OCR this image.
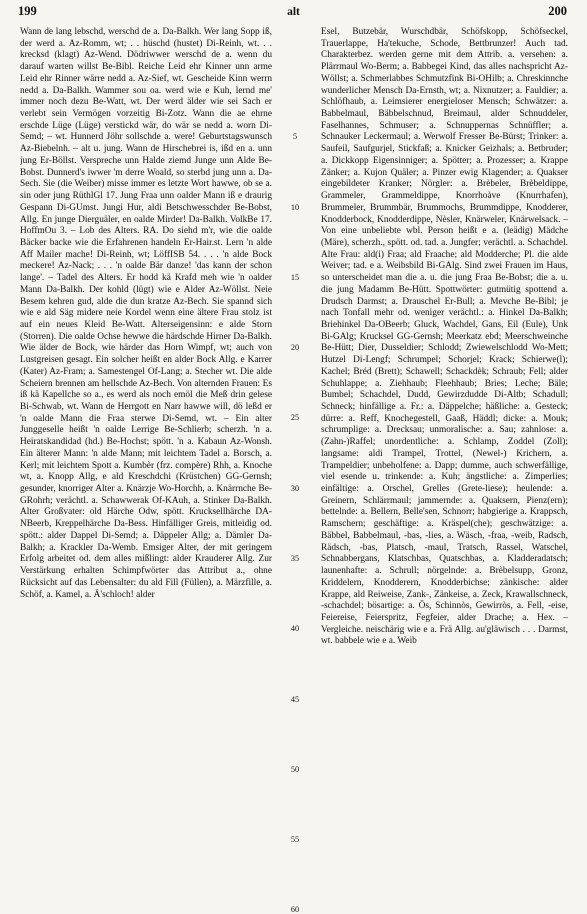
199	alt	200

Wann de lang lebschd, werschd de a. Da-Balkh. Wer lang Sopp iß, der werd a. Az-Romm, wt; . . hüschd (hustet) Di-Reinh, wt. . . krecksd (klagt) Az-Wend. Dödriwwer werschd de a. wenn du darauf warten willst Be-Bibl. Reiche Leid ehr Kinner unn arme Leid ehr Rinner wärre nedd a. Az-Sief, wt. Gescheide Kinn werrn nedd a. Da-Balkh. Wammer sou oa. werd wie e Kuh, lernd me' immer noch dezu Be-Watt, wt. Der werd älder wie sei Sach er verlebt sein Vermögen vorzeitig Bi-Zotz. Wann die ae ehrne erschde Lüge (Lüge) verstickd wär, do wär se nedd a. worn Di-Semd; – wt. Hunnerd Jöhr sollschde a. were! Geburtstagswunsch Az-Biebelnh. – alt u. jung. Wann de Hirschebrei is, ißd en a. unn jung Er-Böllst. Verspreche unn Halde ziemd Junge unn Alde Be-Bobst. Dunnerd's iwwer 'm derre Woald, so sterbd jung unn a. Da-Sech. Sie (die Weiber) misse immer es letzte Wort hawwe, ob se a. sin oder jung RüthlGl 17. Jung Fraa unn oalder Mann iß e draurig Gespann Di-GUmst. Jungi Hur, aldi Betschwesschder Be-Bobst, Allg. En junge Dierguäler, en oalde Mirder! Da-Balkh. VolkBe 17. HoffmOu 3. – Lob des Alters. RA. Do siehd m'r, wie die oalde Bäcker backe wie die Erfahrenen handeln Er-Hair.st. Lern 'n alde Aff Mailer mache! Di-Reinh, wt; LöffISB 54. . . . 'n alde Bock meckere! Az-Nack; . . . 'n oalde Bär danze! 'das kann der schon lange'. – Tadel des Alters. Er hodd kä Krafd meh wie 'n oalder Mann Da-Balkh. Der kohld (lügt) wie e Alder Az-Wöllst. Neie Besem kehren gud, alde die dun kratze Az-Bech. Sie spannd sich wie e ald Säg midere neie Kordel wenn eine ältere Frau stolz ist auf ein neues Kleid Be-Watt. Alterseigensinn: e alde Storn (Storren). Die oalde Ochse hewwe die härdschde Hirner Da-Balkh. Wie älder de Bock, wie härder das Horn Wimpf, wt; auch von Lustgreisen gesagt. Ein solcher heißt en alder Bock Allg. e Karrer (Kater) Az-Fram; a. Samestengel Of-Lang; a. Stecher wt. Die alde Scheiern brennen am hellschde Az-Bech. Von alternden Frauen: Es iß kä Kapellche so a., es werd als noch emöl die Meß drin gelese Bi-Schwab, wt. Wann de Herrgott en Narr hawwe will, dö leßd er 'n oalde Mann die Fraa sterwe Di-Semd, wt. – Ein alter Junggeselle heißt 'n oalde Lerrige Be-Schlierb; scherzh. 'n a. Heiratskandidad (hd.) Be-Hochst; spött. 'n a. Kabaun Az-Wonsh. Ein älterer Mann: 'n alde Mann; mit leichtem Tadel a. Borsch, a. Kerl; mit leichtem Spott a. Kumbèr (frz. compère) Rhh, a. Knoche wt, a. Knopp Allg, e ald Kreschdchi (Krüstchen) GG-Gernsh; gesunder, knorriger Alter a. Knärzje Wo-Horchh, a. Knärrnche Be-GRohrh; verächtl. a. Schawwerak Of-KAuh, a. Stinker Da-Balkh. Alter Großvater: old Härche Odw, spött. Krucksellhärche DA-NBeerb, Kreppelhärche Da-Bess. Hinfälliger Greis, mitleidig od. spött.: alder Dappel Di-Semd; a. Däppeler Allg; a. Dämler Da-Balkh; a. Krackler Da-Wemb. Emsiger Alter, der mit geringem Erfolg arbeitet od. dem alles mißlingt: alder Krauderer Allg. Zur Verstärkung erhalten Schimpfwörter das Attribut a., ohne Rücksicht auf das Lebensalter: du ald Fill (Füllen), a. Märzfille, a. Schöf, a. Kamel, a. Ä'schloch! alder

5
10
15
20
25
30
35
40
45
50
55
60

Esel, Butzebär, Wurschdbär, Schöfskopp, Schöfseckel, Trauerlappe, Ha'tekuche, Schode, Bettbrunzer! Auch tad. Charakterbez. werden gerne mit dem Attrib. a. versehen: a. Plärrmaul Wo-Berm; a. Babbegei Kind, das alles nachspricht Az-Wöllst; a. Schmerlabbes Schmutzfink Bi-OHilb; a. Chreskinnche wunderlicher Mensch Da-Ernsth, wt; a. Nixnutzer; a. Fauldier; a. Schlöfhaub, a. Leimsierer energieloser Mensch; Schwätzer: a. Babbelmaul, Bäbbelschnud, Breimaul, alder Schnuddeler, Faselhannes, Schmuser; a. Schnuppernas Schnüffler; a. Schnauker Leckermaul; a. Werwolf Fresser Be-Bürst; Trinker: a. Saufeil, Saufgurjel, Stickfaß; a. Knicker Geizhals; a. Betbruder; a. Dickkopp Eigensinniger; a. Spötter; a. Prozesser; a. Krappe Zänker; a. Kujon Quäler; a. Pinzer ewig Klagender; a. Quakser eingebildeter Kranker; Nörgler: a. Brèbeler, Brèbeldippe, Grammeler, Grammeldippe, Knorrhoàve (Knurrhafen), Brummeler, Brummbär, Brummochs, Brummdippe, Knodderer, Knodderbock, Knodderdippe, Nèsler, Knärweler, Knärwelsack. – Von eine unbeliebte wbl. Person heißt e a. (leädig) Mädche (Märe), scherzh., spött. od. tad. a. Jungfer; verächtl. a. Schachdel. Alte Frau: ald(i) Fraa; ald Fraache; ald Modderche; Pl. die alde Weiver; tad. e a. Weibsbild Bi-GAlg. Sind zwei Frauen im Haus, so unterscheidet man die a. u. die jung Fraa Be-Bobst; die a. u. die jung Madamm Be-Hütt. Spottwörter: gutmütig spottend a. Drudsch Darmst; a. Drauschel Er-Bull; a. Mevche Be-Bibl; je nach Tonfall mehr od. weniger verächtl.: a. Hinkel Da-Balkh; Briehinkel Da-OBeerb; Gluck, Wachdel, Gans, Eil (Eule), Unk Bi-GAlg; Krucksel GG-Gernsh; Meerkatz ebd; Meerschweinche Be-Hütt; Dier, Dusseldier; Schlodd; Zwiewelschlodd Wo-Mett; Hutzel Di-Lengf; Schrumpel; Schorjel; Krack; Schierwe(l); Kachel; Bréd (Brett); Schawell; Schackdèk; Schraub; Fell; alder Schuhlappe; a. Ziehhaub; Fleehhaub; Bries; Leche; Bäle; Bumbel; Schachdel, Dudd, Gewirzdudde Di-Altb; Schadull; Schneck; hinfällige a. Fr.: a. Däppelche; häßliche: a. Gesteck; dürre: a. Reff, Knochegestell, Gaaß, Häddl; dicke: a. Mouk; schrumplige: a. Drecksau; unmoralische: a. Sau; zahnlose: a. (Zahn-)Raffel; unordentliche: a. Schlamp, Zoddel (Zoll); langsame: aldi Trampel, Trottel, (Newel-) Krichern, a. Trampeldier; unbeholfene: a. Dapp; dumme, auch schwerfällige, viel esende u. trinkende: a. Kuh; ängstliche: a. Zimperlies; einfältige: a. Orschel, Grelles (Grete-liese); heulende: a. Greinern, Schlärrmaul; jammernde: a. Quaksern, Pienz(ern); bettelnde: a. Bellern, Belle'sen, Schnorr; habgierige a. Krappsch, Ramschern; geschäftige: a. Kräspel(che); geschwätzige: a. Bäbbel, Babbelmaul, -bas, -lies, a. Wäsch, -fraa, -weib, Radsch, Rädsch, -bas, Platsch, -maul, Tratsch, Rassel, Watschel, Schnabbergans, Klatschbas, Quatschbas, a. Kladderadatsch; launenhafte: a. Schrull; nörgelnde: a. Brèbelsupp, Gronz, Kriddelern, Knodderern, Knodderbichse; zänkische: alder Krappe, ald Reiweise, Zank-, Zänkeise, a. Zeck, Krawallschneck, -schachdel; bösartige: a. Ös, Schinnòs, Gewirròs, a. Fell, -eise, Feiereise, Feierspritz, Fegfeier, alder Drache; a. Hex. – Vergleiche. neischärig wie e a. Frä Allg. au'gläwisch . . . Darmst, wt. babbele wie e a. Weib
